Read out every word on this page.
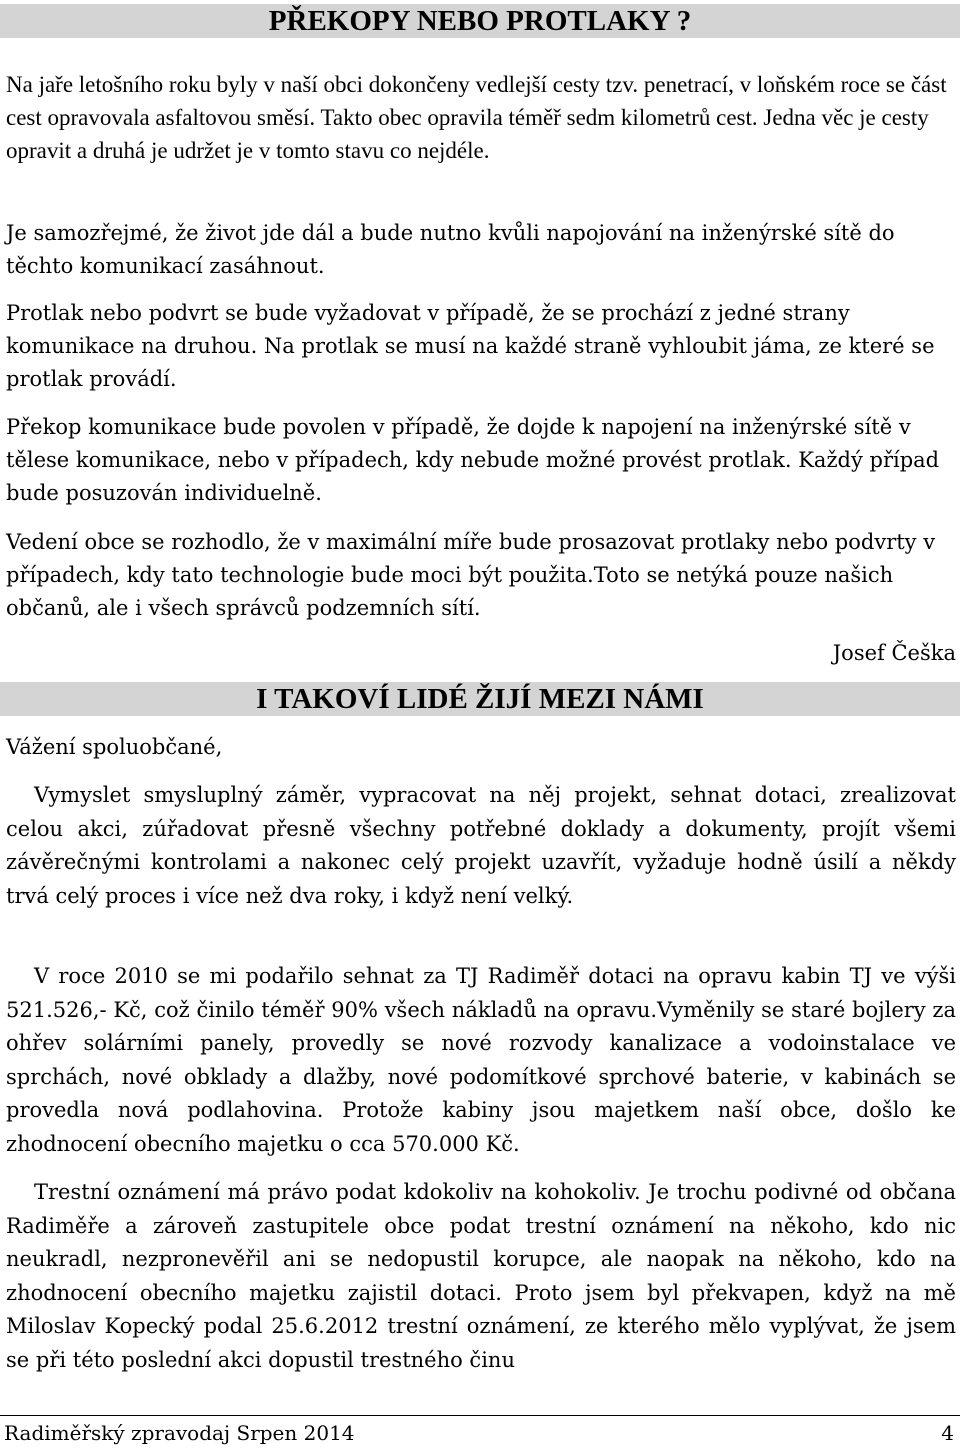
PŘEKOPY NEBO PROTLAKY ?

Na jaře letošního roku byly v naší obci dokončeny vedlejší cesty tzv. penetrací, v loňském roce se část cest opravovala asfaltovou směsí. Takto obec opravila téměř sedm kilometrů cest. Jedna věc je cesty opravit a druhá je udržet je v tomto stavu co nejdéle.

Je samozřejmé, že život jde dál a bude nutno kvůli napojování na inženýrské sítě do těchto komunikací zasáhnout.

Protlak nebo podvrt se bude vyžadovat v případě, že se prochází z jedné strany komunikace na druhou. Na protlak se musí na každé straně vyhloubit jáma, ze které se protlak provádí.

Překop komunikace bude povolen v případě, že dojde k napojení na inženýrské sítě v tělese komunikace, nebo v případech, kdy nebude možné provést protlak. Každý případ bude posuzován individuelně.

Vedení obce se rozhodlo, že v maximální míře bude prosazovat protlaky nebo podvrty v případech, kdy tato technologie bude moci být použita.Toto se netýká pouze našich občanů, ale i všech správců podzemních sítí.

Josef Češka
I TAKOVÍ LIDÉ ŽIJÍ MEZI NÁMI
Vážení spoluobčané,

Vymyslet smysluplný záměr, vypracovat na něj projekt, sehnat dotaci, zrealizovat celou akci, zúřadovat přesně všechny potřebné doklady a dokumenty, projít všemi závěrečnými kontrolami a nakonec celý projekt uzavřít, vyžaduje hodně úsilí a někdy trvá celý proces i více než dva roky, i když není velký.

V roce 2010 se mi podařilo sehnat za TJ Radiměř dotaci na opravu kabin TJ ve výši 521.526,- Kč, což činilo téměř 90% všech nákladů na opravu.Vyměnily se staré bojlery za ohřev solárními panely, provedly se nové rozvody kanalizace a vodoinstalace ve sprchách, nové obklady a dlažby, nové podomítkové sprchové baterie, v kabinách se provedla nová podlahovina. Protože kabiny jsou majetkem naší obce, došlo ke zhodnocení obecního majetku o cca 570.000 Kč.

Trestní oznámení má právo podat kdokoliv na kohokoliv. Je trochu podivné od občana Radiměře a zároveň zastupitele obce podat trestní oznámení na někoho, kdo nic neukradl, nezpronevěřil ani se nedopustil korupce, ale naopak na někoho, kdo na zhodnocení obecního majetku zajistil dotaci. Proto jsem byl překvapen, když na mě Miloslav Kopecký podal 25.6.2012 trestní oznámení, ze kterého mělo vyplývat, že jsem se při této poslední akci dopustil trestného činu

Radiměřský zpravodaj Srpen 2014	4
